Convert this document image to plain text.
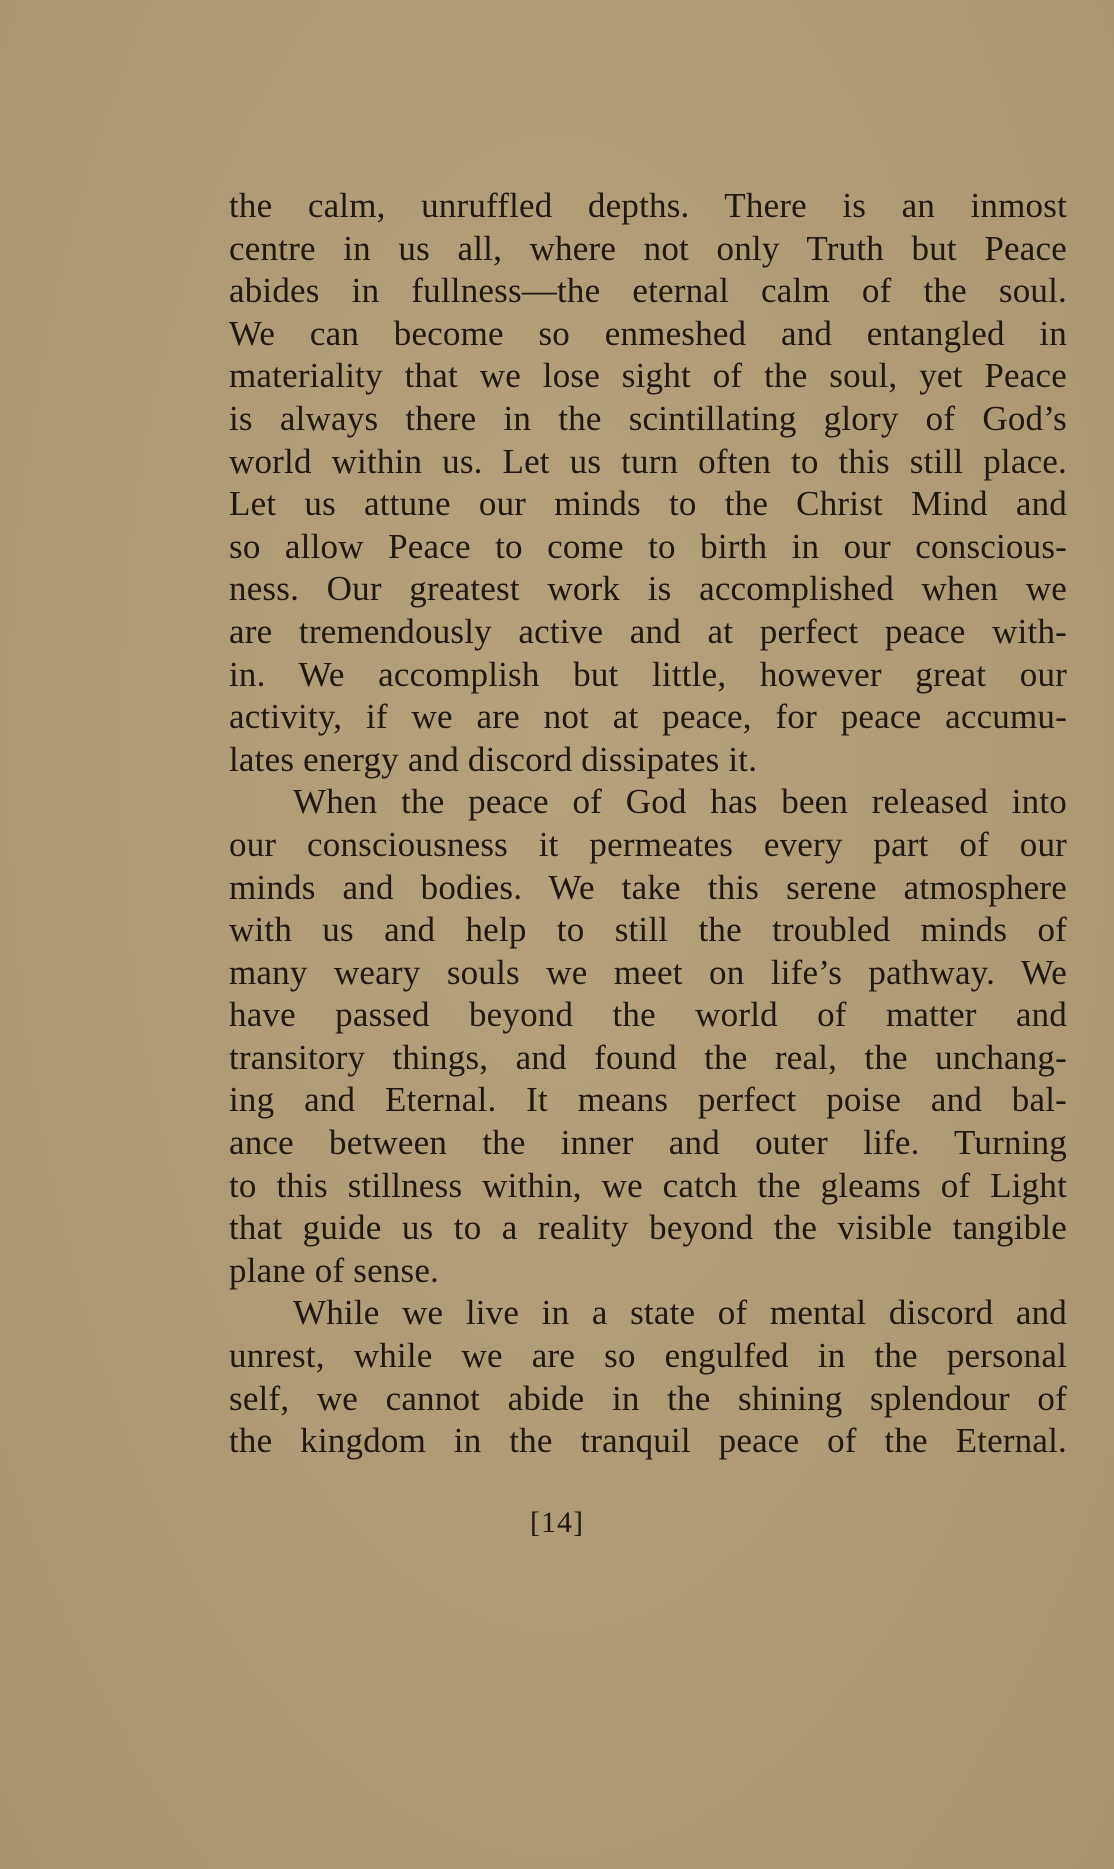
the calm, unruffled depths. There is an inmost
centre in us all, where not only Truth but Peace
abides in fullness—the eternal calm of the soul.
We can become so enmeshed and entangled in
materiality that we lose sight of the soul, yet Peace
is always there in the scintillating glory of God’s
world within us. Let us turn often to this still place.
Let us attune our minds to the Christ Mind and
so allow Peace to come to birth in our conscious-
ness. Our greatest work is accomplished when we
are tremendously active and at perfect peace with-
in. We accomplish but little, however great our
activity, if we are not at peace, for peace accumu-
lates energy and discord dissipates it.
When the peace of God has been released into
our consciousness it permeates every part of our
minds and bodies. We take this serene atmosphere
with us and help to still the troubled minds of
many weary souls we meet on life’s pathway. We
have passed beyond the world of matter and
transitory things, and found the real, the unchang-
ing and Eternal. It means perfect poise and bal-
ance between the inner and outer life. Turning
to this stillness within, we catch the gleams of Light
that guide us to a reality beyond the visible tangible
plane of sense.
While we live in a state of mental discord and
unrest, while we are so engulfed in the personal
self, we cannot abide in the shining splendour of
the kingdom in the tranquil peace of the Eternal.
[14]
